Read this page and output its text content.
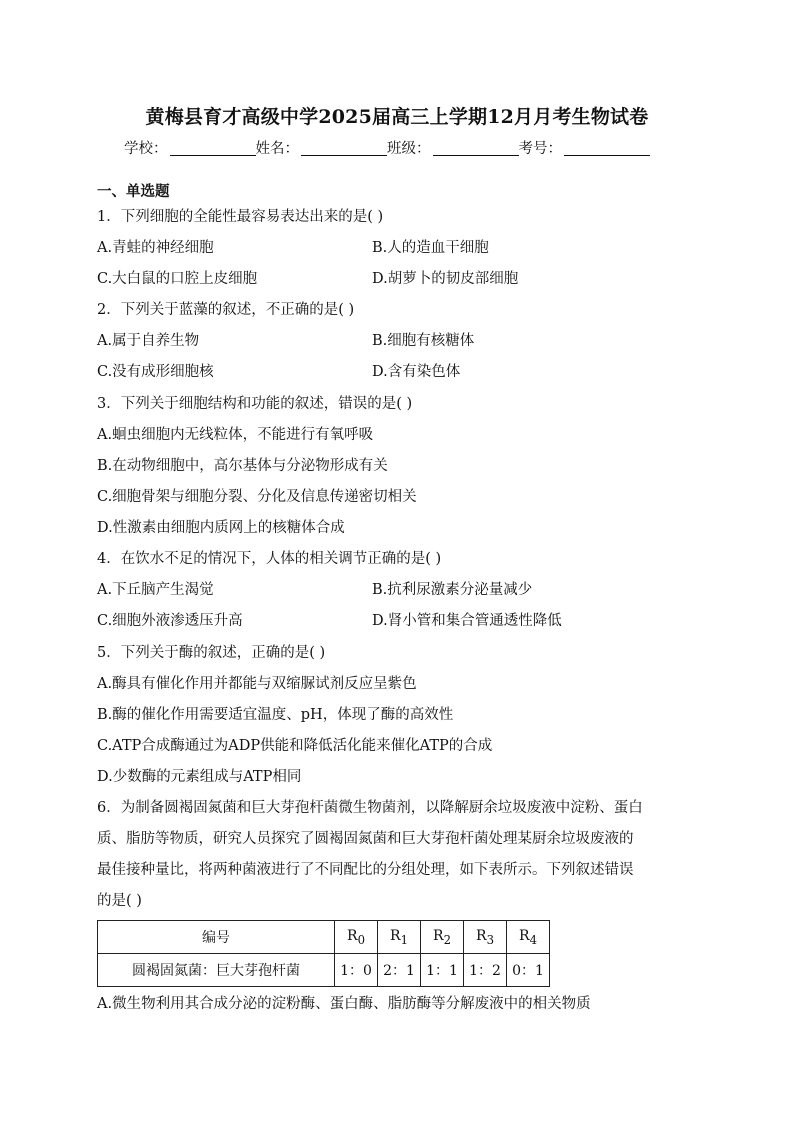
黄梅县育才高级中学2025届高三上学期12月月考生物试卷
学校：	姓名：	班级：	考号：
一、单选题
1．下列细胞的全能性最容易表达出来的是( )
A.青蛙的神经细胞	B.人的造血干细胞
C.大白鼠的口腔上皮细胞	D.胡萝卜的韧皮部细胞
2．下列关于蓝藻的叙述，不正确的是( )
A.属于自养生物	B.细胞有核糖体
C.没有成形细胞核	D.含有染色体
3．下列关于细胞结构和功能的叙述，错误的是( )
A.蛔虫细胞内无线粒体，不能进行有氧呼吸
B.在动物细胞中，高尔基体与分泌物形成有关
C.细胞骨架与细胞分裂、分化及信息传递密切相关
D.性激素由细胞内质网上的核糖体合成
4．在饮水不足的情况下，人体的相关调节正确的是( )
A.下丘脑产生渴觉	B.抗利尿激素分泌量减少
C.细胞外液渗透压升高	D.肾小管和集合管通透性降低
5．下列关于酶的叙述，正确的是( )
A.酶具有催化作用并都能与双缩脲试剂反应呈紫色
B.酶的催化作用需要适宜温度、pH，体现了酶的高效性
C.ATP合成酶通过为ADP供能和降低活化能来催化ATP的合成
D.少数酶的元素组成与ATP相同
6．为制备圆褐固氮菌和巨大芽孢杆菌微生物菌剂，以降解厨余垃圾废液中淀粉、蛋白
质、脂肪等物质，研究人员探究了圆褐固氮菌和巨大芽孢杆菌处理某厨余垃圾废液的
最佳接种量比，将两种菌液进行了不同配比的分组处理，如下表所示。下列叙述错误
的是( )
编号	$R_0$	$R_1$	$R_2$	$R_3$	$R_4$
圆褐固氮菌：巨大芽孢杆菌	1：0	2：1	1：1	1：2	0：1
A.微生物利用其合成分泌的淀粉酶、蛋白酶、脂肪酶等分解废液中的相关物质
